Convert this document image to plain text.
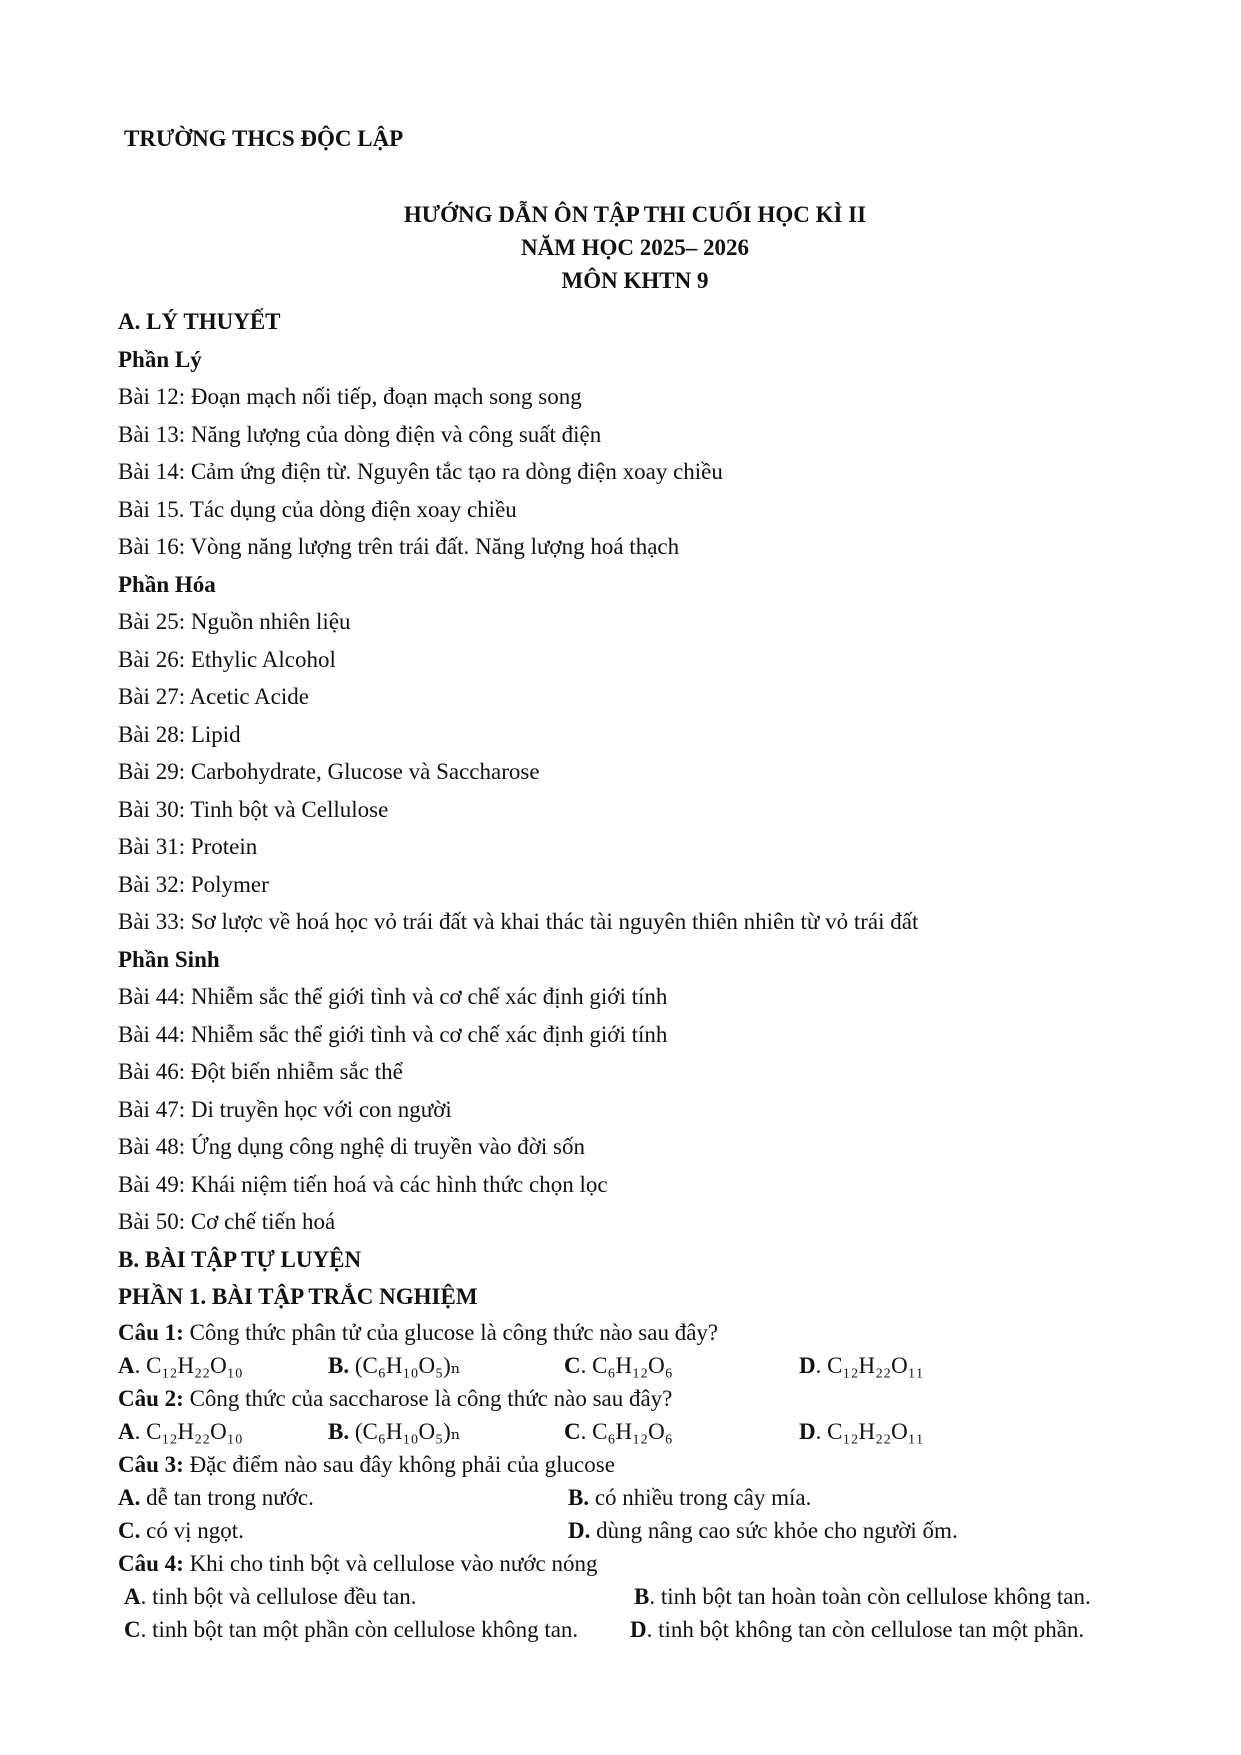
TRƯỜNG THCS ĐỘC LẬP
HƯỚNG DẪN ÔN TẬP THI CUỐI HỌC KÌ II
NĂM HỌC 2025– 2026
MÔN KHTN 9
A. LÝ THUYẾT
Phần Lý
Bài 12: Đoạn mạch nối tiếp, đoạn mạch song song
Bài 13: Năng lượng của dòng điện và công suất điện
Bài 14: Cảm ứng điện từ. Nguyên tắc tạo ra dòng điện xoay chiều
Bài 15. Tác dụng của dòng điện xoay chiều
Bài 16: Vòng năng lượng trên trái đất. Năng lượng hoá thạch
Phần Hóa
Bài 25: Nguồn nhiên liệu
Bài 26: Ethylic Alcohol
Bài 27: Acetic Acide
Bài 28: Lipid
Bài 29: Carbohydrate, Glucose và Saccharose
Bài 30: Tinh bột và Cellulose
Bài 31: Protein
Bài 32: Polymer
Bài 33: Sơ lược về hoá học vỏ trái đất và khai thác tài nguyên thiên nhiên từ vỏ trái đất
Phần Sinh
Bài 44: Nhiễm sắc thể giới tình và cơ chế xác định giới tính
Bài 44: Nhiễm sắc thể giới tình và cơ chế xác định giới tính
Bài 46: Đột biến nhiễm sắc thể
Bài 47: Di truyền học với con người
Bài 48: Ứng dụng công nghệ di truyền vào đời sốn
Bài 49: Khái niệm tiến hoá và các hình thức chọn lọc
Bài 50: Cơ chế tiến hoá
B. BÀI TẬP TỰ LUYỆN
PHẦN 1. BÀI TẬP TRẮC NGHIỆM
Câu 1: Công thức phân tử của glucose là công thức nào sau đây?
A. C₁₂H₂₂O₁₀	B. (C₆H₁₀O₅)ₙ	C. C₆H₁₂O₆	D. C₁₂H₂₂O₁₁
Câu 2: Công thức của saccharose là công thức nào sau đây?
A. C₁₂H₂₂O₁₀	B. (C₆H₁₀O₅)ₙ	C. C₆H₁₂O₆	D. C₁₂H₂₂O₁₁
Câu 3: Đặc điểm nào sau đây không phải của glucose
A. dễ tan trong nước.	B. có nhiều trong cây mía.
C. có vị ngọt.	D. dùng nâng cao sức khỏe cho người ốm.
Câu 4: Khi cho tinh bột và cellulose vào nước nóng
A. tinh bột và cellulose đều tan.	B. tinh bột tan hoàn toàn còn cellulose không tan.
C. tinh bột tan một phần còn cellulose không tan. D. tinh bột không tan còn cellulose tan một phần.
